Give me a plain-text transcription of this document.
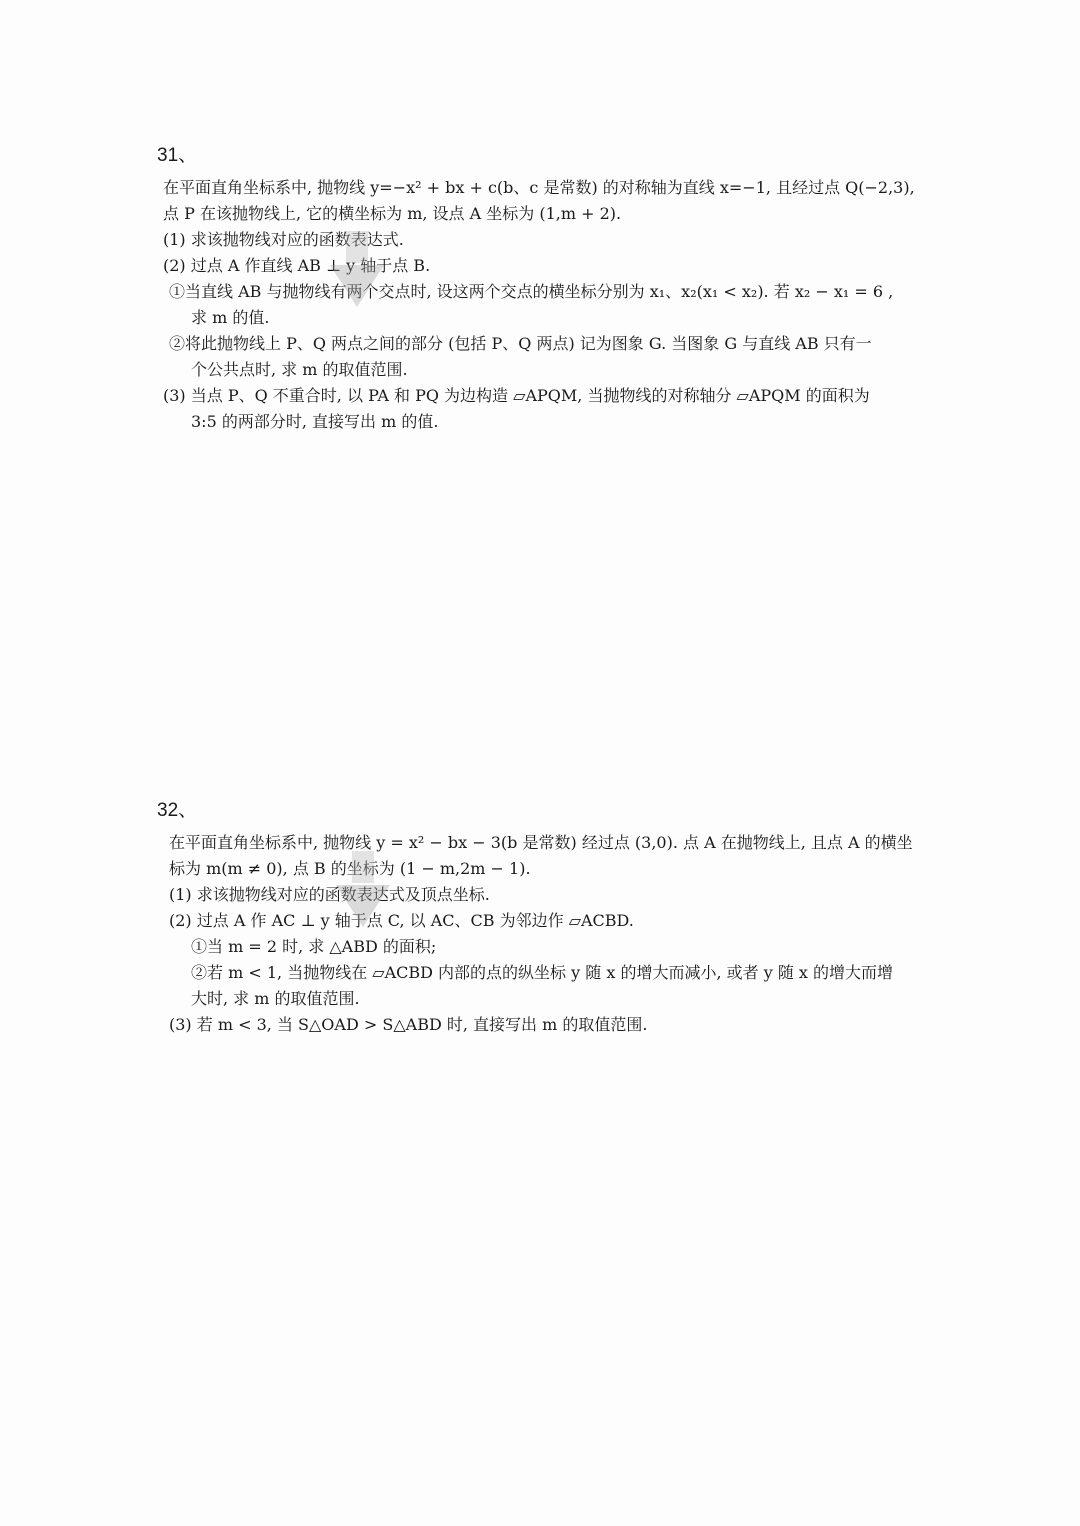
31、

在平面直角坐标系中, 抛物线 y=−x² + bx + c(b、c 是常数) 的对称轴为直线 x=−1, 且经过点 Q(−2,3),

点 P 在该抛物线上, 它的横坐标为 m, 设点 A 坐标为 (1,m + 2).

(1) 求该抛物线对应的函数表达式.

(2) 过点 A 作直线 AB ⊥ y 轴于点 B.

①当直线 AB 与抛物线有两个交点时, 设这两个交点的横坐标分别为 x₁、x₂(x₁ < x₂). 若 x₂ − x₁ = 6 ,

求 m 的值.

②将此抛物线上 P、Q 两点之间的部分 (包括 P、Q 两点) 记为图象 G. 当图象 G 与直线 AB 只有一

个公共点时, 求 m 的取值范围.

(3) 当点 P、Q 不重合时, 以 PA 和 PQ 为边构造 ▱APQM, 当抛物线的对称轴分 ▱APQM 的面积为

3:5 的两部分时, 直接写出 m 的值.

32、

在平面直角坐标系中, 抛物线 y = x² − bx − 3(b 是常数) 经过点 (3,0). 点 A 在抛物线上, 且点 A 的横坐

标为 m(m ≠ 0), 点 B 的坐标为 (1 − m,2m − 1).

(1) 求该抛物线对应的函数表达式及顶点坐标.

(2) 过点 A 作 AC ⊥ y 轴于点 C, 以 AC、CB 为邻边作 ▱ACBD.

①当 m = 2 时, 求 △ABD 的面积;

②若 m < 1, 当抛物线在 ▱ACBD 内部的点的纵坐标 y 随 x 的增大而减小, 或者 y 随 x 的增大而增

大时, 求 m 的取值范围.

(3) 若 m < 3, 当 S△OAD > S△ABD 时, 直接写出 m 的取值范围.
